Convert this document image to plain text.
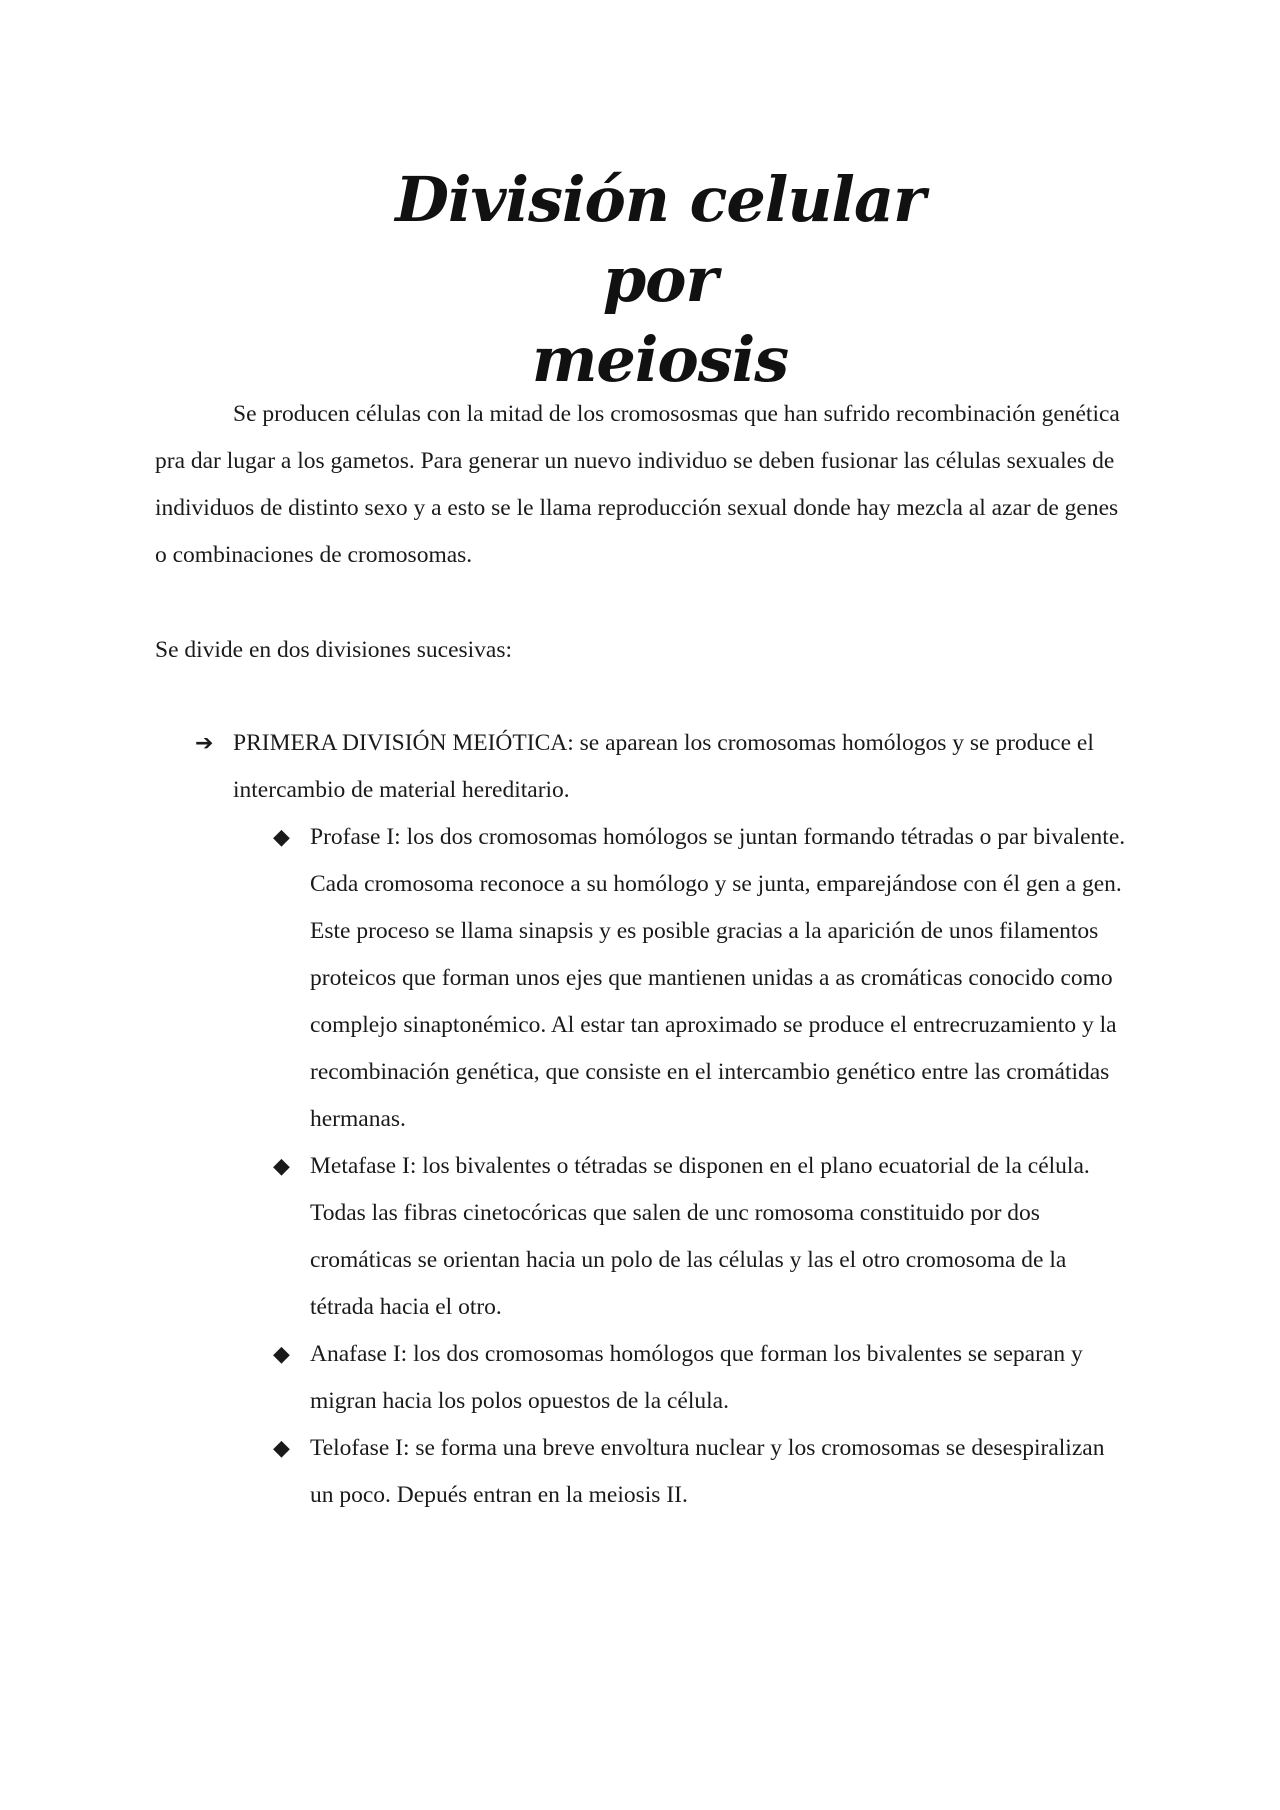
División celular por
meiosis

Se producen células con la mitad de los cromososmas que han sufrido recombinación genética pra dar lugar a los gametos. Para generar un nuevo individuo se deben fusionar las células sexuales de individuos de distinto sexo y a esto se le llama reproducción sexual donde hay mezcla al azar de genes o combinaciones de cromosomas.

Se divide en dos divisiones sucesivas:

➔ PRIMERA DIVISIÓN MEIÓTICA: se aparean los cromosomas homólogos y se produce el intercambio de material hereditario.
◆ Profase I: los dos cromosomas homólogos se juntan formando tétradas o par bivalente. Cada cromosoma reconoce a su homólogo y se junta, emparejándose con él gen a gen. Este proceso se llama sinapsis y es posible gracias a la aparición de unos filamentos proteicos que forman unos ejes que mantienen unidas a as cromáticas conocido como complejo sinaptonémico. Al estar tan aproximado se produce el entrecruzamiento y la recombinación genética, que consiste en el intercambio genético entre las cromátidas hermanas.
◆ Metafase I: los bivalentes o tétradas se disponen en el plano ecuatorial de la célula. Todas las fibras cinetocóricas que salen de unc romosoma constituido por dos cromáticas se orientan hacia un polo de las células y las el otro cromosoma de la tétrada hacia el otro.
◆ Anafase I: los dos cromosomas homólogos que forman los bivalentes se separan y migran hacia los polos opuestos de la célula.
◆ Telofase I: se forma una breve envoltura nuclear y los cromosomas se desespiralizan un poco. Depués entran en la meiosis II.
